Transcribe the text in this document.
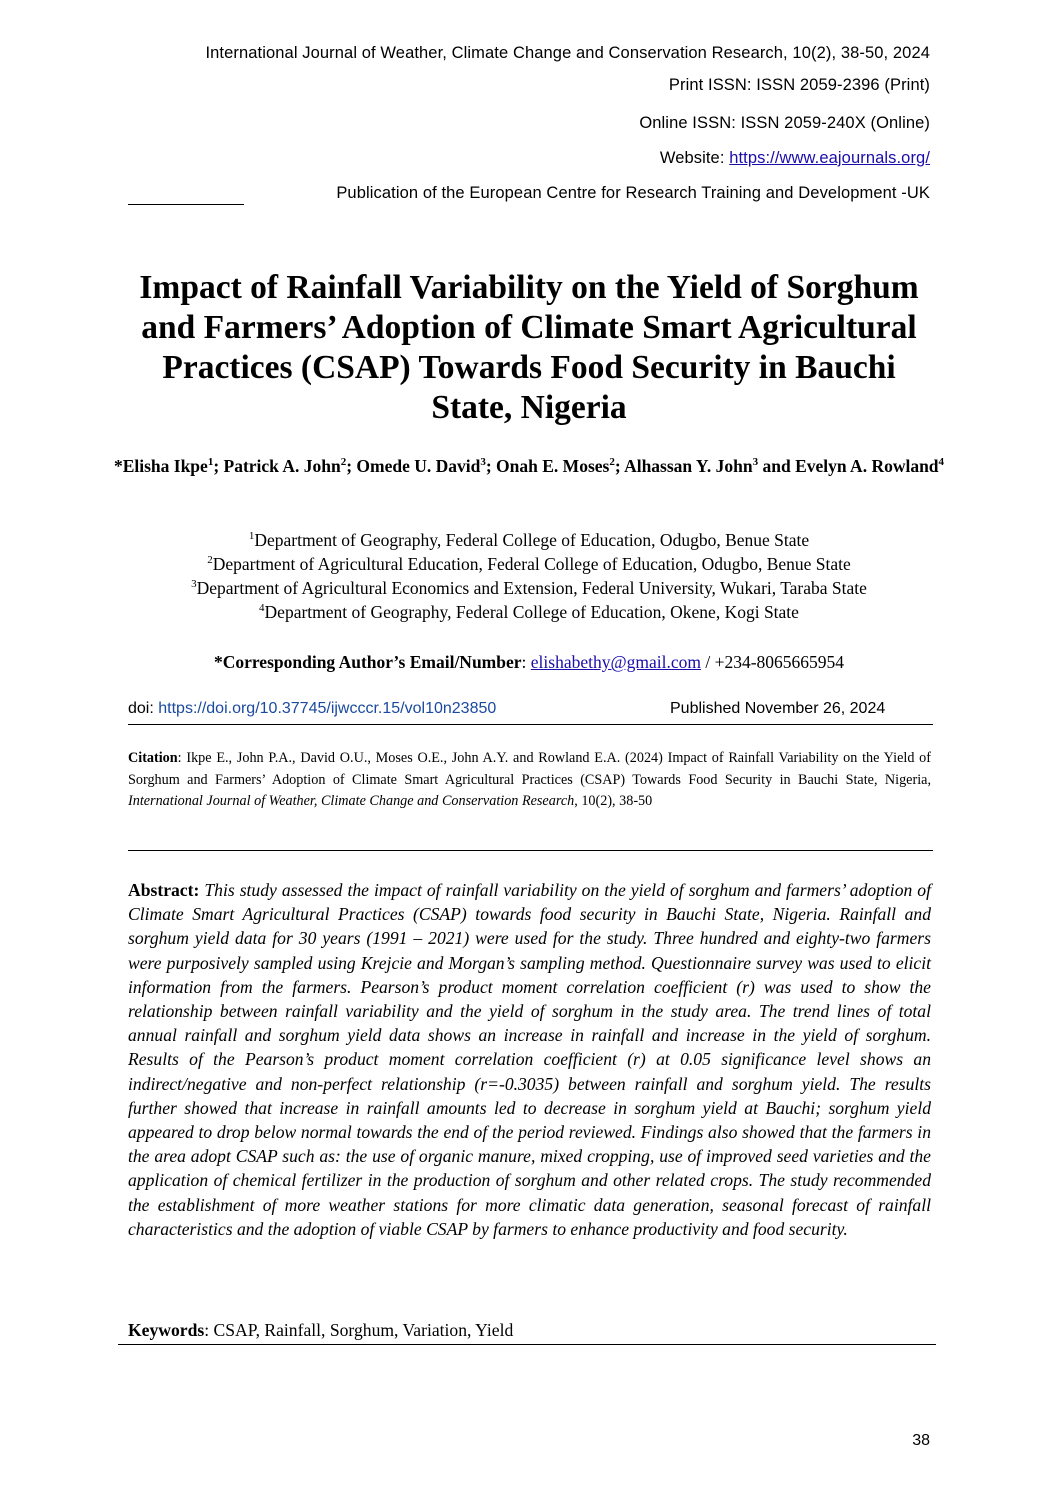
International Journal of Weather, Climate Change and Conservation Research, 10(2), 38-50, 2024
Print ISSN: ISSN 2059-2396 (Print)
Online ISSN: ISSN 2059-240X (Online)
Website: https://www.eajournals.org/
Publication of the European Centre for Research Training and Development -UK
Impact of Rainfall Variability on the Yield of Sorghum and Farmers’ Adoption of Climate Smart Agricultural Practices (CSAP) Towards Food Security in Bauchi State, Nigeria
*Elisha Ikpe$^1$; Patrick A. John$^2$; Omede U. David$^3$; Onah E. Moses$^2$; Alhassan Y. John$^3$ and Evelyn A. Rowland$^4$
$^1$Department of Geography, Federal College of Education, Odugbo, Benue State
$^2$Department of Agricultural Education, Federal College of Education, Odugbo, Benue State
$^3$Department of Agricultural Economics and Extension, Federal University, Wukari, Taraba State
$^4$Department of Geography, Federal College of Education, Okene, Kogi State
*Corresponding Author’s Email/Number: elishabethy@gmail.com / +234-8065665954
doi: https://doi.org/10.37745/ijwcccr.15/vol10n23850	Published November 26, 2024
Citation: Ikpe E., John P.A., David O.U., Moses O.E., John A.Y. and Rowland E.A. (2024) Impact of Rainfall Variability on the Yield of Sorghum and Farmers’ Adoption of Climate Smart Agricultural Practices (CSAP) Towards Food Security in Bauchi State, Nigeria, International Journal of Weather, Climate Change and Conservation Research, 10(2), 38-50
Abstract: This study assessed the impact of rainfall variability on the yield of sorghum and farmers’ adoption of Climate Smart Agricultural Practices (CSAP) towards food security in Bauchi State, Nigeria. Rainfall and sorghum yield data for 30 years (1991 – 2021) were used for the study. Three hundred and eighty-two farmers were purposively sampled using Krejcie and Morgan’s sampling method. Questionnaire survey was used to elicit information from the farmers. Pearson’s product moment correlation coefficient (r) was used to show the relationship between rainfall variability and the yield of sorghum in the study area. The trend lines of total annual rainfall and sorghum yield data shows an increase in rainfall and increase in the yield of sorghum. Results of the Pearson’s product moment correlation coefficient (r) at 0.05 significance level shows an indirect/negative and non-perfect relationship (r=-0.3035) between rainfall and sorghum yield. The results further showed that increase in rainfall amounts led to decrease in sorghum yield at Bauchi; sorghum yield appeared to drop below normal towards the end of the period reviewed. Findings also showed that the farmers in the area adopt CSAP such as: the use of organic manure, mixed cropping, use of improved seed varieties and the application of chemical fertilizer in the production of sorghum and other related crops. The study recommended the establishment of more weather stations for more climatic data generation, seasonal forecast of rainfall characteristics and the adoption of viable CSAP by farmers to enhance productivity and food security.
Keywords: CSAP, Rainfall, Sorghum, Variation, Yield
38
